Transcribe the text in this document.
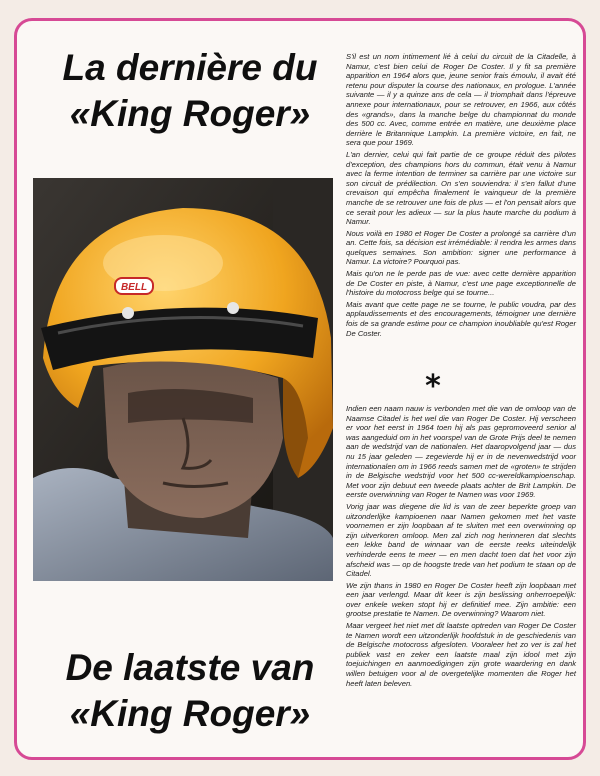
La dernière du
«King Roger»
BELL

S'il est un nom intimement lié à celui du circuit de la Citadelle, à Namur, c'est bien celui de Roger De Coster. Il y fit sa première apparition en 1964 alors que, jeune senior frais émoulu, il avait été retenu pour disputer la course des nationaux, en prologue. L'année suivante — il y a quinze ans de cela — il triomphait dans l'épreuve annexe pour internationaux, pour se retrouver, en 1966, aux côtés des «grands», dans la manche belge du championnat du monde des 500 cc. Avec, comme entrée en matière, une deuxième place derrière le Britannique Lampkin. La première victoire, en fait, ne sera que pour 1969.

L'an dernier, celui qui fait partie de ce groupe réduit des pilotes d'exception, des champions hors du commun, était venu à Namur avec la ferme intention de terminer sa carrière par une victoire sur son circuit de prédilection. On s'en souviendra: il s'en fallut d'une crevaison qui empêcha finalement le vainqueur de la première manche de se retrouver une fois de plus — et l'on pensait alors que ce serait pour les adieux — sur la plus haute marche du podium à Namur.

Nous voilà en 1980 et Roger De Coster a prolongé sa carrière d'un an. Cette fois, sa décision est irrémédiable: il rendra les armes dans quelques semaines. Son ambition: signer une performance à Namur. La victoire? Pourquoi pas.

Mais qu'on ne le perde pas de vue: avec cette dernière apparition de De Coster en piste, à Namur, c'est une page exceptionnelle de l'histoire du motocross belge qui se tourne...

Mais avant que cette page ne se tourne, le public voudra, par des applaudissements et des encouragements, témoigner une dernière fois de sa grande estime pour ce champion inoubliable qu'est Roger De Coster.

*

Indien een naam nauw is verbonden met die van de omloop van de Naamse Citadel is het wel die van Roger De Coster. Hij verscheen er voor het eerst in 1964 toen hij als pas gepromoveerd senior al was aangeduid om in het voorspel van de Grote Prijs deel te nemen aan de wedstrijd van de nationalen. Het daaropvolgend jaar — dus nu 15 jaar geleden — zegevierde hij er in de nevenwedstrijd voor internationalen om in 1966 reeds samen met de «groten» te strijden in de Belgische wedstrijd voor het 500 cc-wereldkampioenschap. Met voor zijn debuut een tweede plaats achter de Brit Lampkin. De eerste overwinning van Roger te Namen was voor 1969.

Vorig jaar was diegene die lid is van de zeer beperkte groep van uitzonderlijke kampioenen naar Namen gekomen met het vaste voornemen er zijn loopbaan af te sluiten met een overwinning op zijn uitverkoren omloop. Men zal zich nog herinneren dat slechts een lekke band de winnaar van de eerste reeks uiteindelijk verhinderde eens te meer — en men dacht toen dat het voor zijn afscheid was — op de hoogste trede van het podium te staan op de Citadel.

We zijn thans in 1980 en Roger De Coster heeft zijn loopbaan met een jaar verlengd. Maar dit keer is zijn beslissing onherroepelijk: over enkele weken stopt hij er definitief mee. Zijn ambitie: een grootse prestatie te Namen. De overwinning? Waarom niet.

Maar vergeet het niet met dit laatste optreden van Roger De Coster te Namen wordt een uitzonderlijk hoofdstuk in de geschiedenis van de Belgische motocross afgesloten. Vooraleer het zo ver is zal het publiek vast en zeker een laatste maal zijn idool met zijn toejuichingen en aanmoedigingen zijn grote waardering en dank willen betuigen voor al de overgetelijke momenten die Roger het heeft laten beleven.

De laatste van
«King Roger»
